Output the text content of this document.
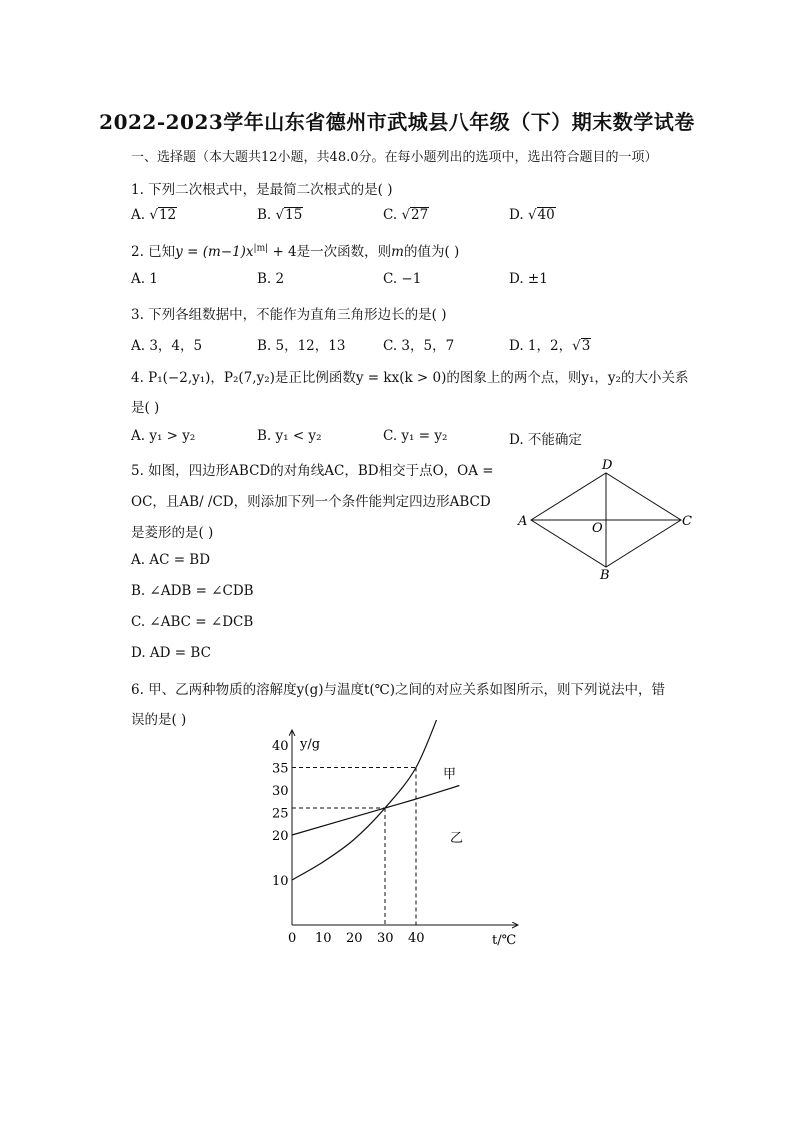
2022-2023学年山东省德州市武城县八年级（下）期末数学试卷
一、选择题（本大题共12小题，共48.0分。在每小题列出的选项中，选出符合题目的一项）
1. 下列二次根式中，是最简二次根式的是( )
A. √12	B. √15	C. √27	D. √40
2. 已知$y = (m-1)x^{|m|} + 4$是一次函数，则m的值为( )
A. 1	B. 2	C. −1	D. ±1
3. 下列各组数据中，不能作为直角三角形边长的是( )
A. 3，4，5	B. 5，12，13	C. 3，5，7	D. 1，2，√3
4. P₁(−2,y₁)，P₂(7,y₂)是正比例函数y = kx(k > 0)的图象上的两个点，则y₁，y₂的大小关系
是( )
A. y₁ > y₂	B. y₁ < y₂	C. y₁ = y₂	D. 不能确定
5. 如图，四边形ABCD的对角线AC，BD相交于点O，OA =
OC，且AB/ /CD，则添加下列一个条件能判定四边形ABCD
是菱形的是( )
A. AC = BD
B. ∠ADB = ∠CDB
C. ∠ABC = ∠DCB
D. AD = BC
D
A	C
O
B
6. 甲、乙两种物质的溶解度y(g)与温度t(℃)之间的对应关系如图所示，则下列说法中，错
误的是( )
0 10 20 30 40
10
20
25
30
35
40 y/g
t/℃
甲
乙
